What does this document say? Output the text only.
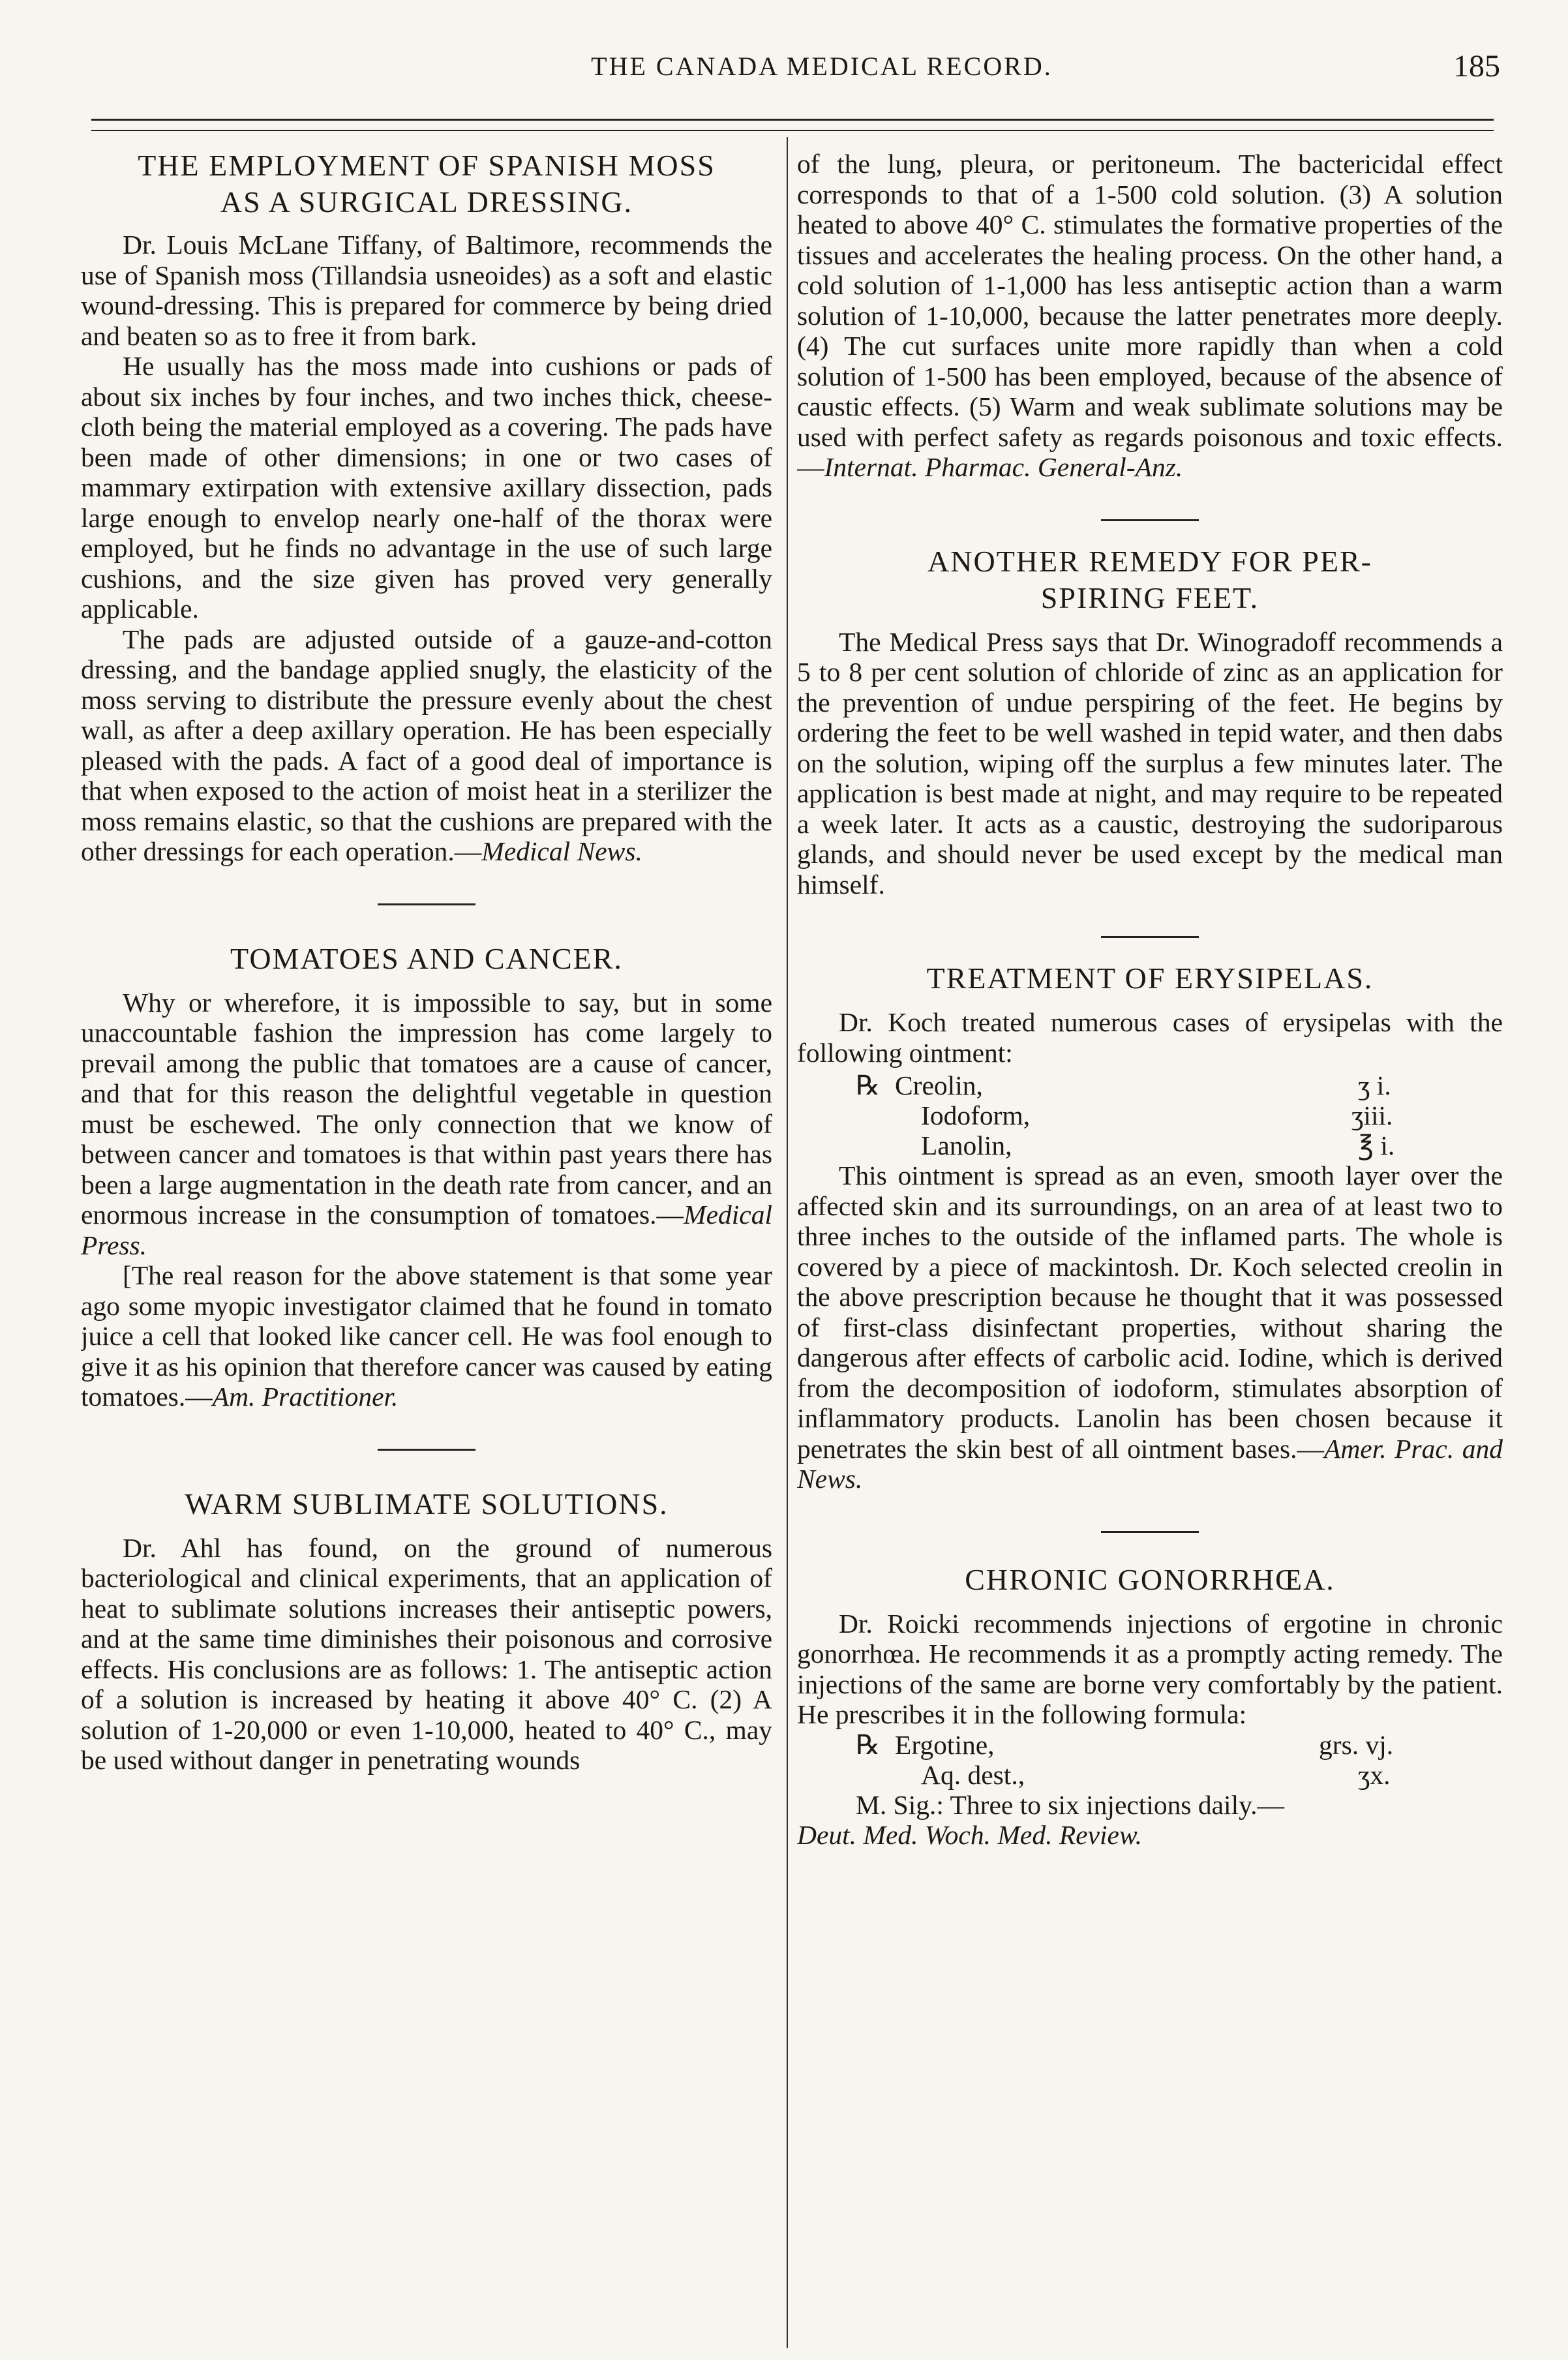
THE CANADA MEDICAL RECORD.	185
THE EMPLOYMENT OF SPANISH MOSS
AS A SURGICAL DRESSING.

Dr. Louis McLane Tiffany, of Baltimore, recommends the use of Spanish moss (Tillandsia usneoides) as a soft and elastic wound-dressing. This is prepared for commerce by being dried and beaten so as to free it from bark.

He usually has the moss made into cushions or pads of about six inches by four inches, and two inches thick, cheese-cloth being the material employed as a covering. The pads have been made of other dimensions; in one or two cases of mammary extirpation with extensive axillary dissection, pads large enough to envelop nearly one-half of the thorax were employed, but he finds no advantage in the use of such large cushions, and the size given has proved very generally applicable.

The pads are adjusted outside of a gauze-and-cotton dressing, and the bandage applied snugly, the elasticity of the moss serving to distribute the pressure evenly about the chest wall, as after a deep axillary operation. He has been especially pleased with the pads. A fact of a good deal of importance is that when exposed to the action of moist heat in a sterilizer the moss remains elastic, so that the cushions are prepared with the other dressings for each operation.—Medical News.

TOMATOES AND CANCER.

Why or wherefore, it is impossible to say, but in some unaccountable fashion the impression has come largely to prevail among the public that tomatoes are a cause of cancer, and that for this reason the delightful vegetable in question must be eschewed. The only connection that we know of between cancer and tomatoes is that within past years there has been a large augmentation in the death rate from cancer, and an enormous increase in the consumption of tomatoes.—Medical Press.

[The real reason for the above statement is that some year ago some myopic investigator claimed that he found in tomato juice a cell that looked like cancer cell. He was fool enough to give it as his opinion that therefore cancer was caused by eating tomatoes.—Am. Practitioner.

WARM SUBLIMATE SOLUTIONS.

Dr. Ahl has found, on the ground of numerous bacteriological and clinical experiments, that an application of heat to sublimate solutions increases their antiseptic powers, and at the same time diminishes their poisonous and corrosive effects. His conclusions are as follows: 1. The antiseptic action of a solution is increased by heating it above 40° C. (2) A solution of 1-20,000 or even 1-10,000, heated to 40° C., may be used without danger in penetrating wounds

of the lung, pleura, or peritoneum. The bactericidal effect corresponds to that of a 1-500 cold solution. (3) A solution heated to above 40° C. stimulates the formative properties of the tissues and accelerates the healing process. On the other hand, a cold solution of 1-1,000 has less antiseptic action than a warm solution of 1-10,000, because the latter penetrates more deeply. (4) The cut surfaces unite more rapidly than when a cold solution of 1-500 has been employed, because of the absence of caustic effects. (5) Warm and weak sublimate solutions may be used with perfect safety as regards poisonous and toxic effects.—Internat. Pharmac. General-Anz.

ANOTHER REMEDY FOR PER-
SPIRING FEET.

The Medical Press says that Dr. Winogradoff recommends a 5 to 8 per cent solution of chloride of zinc as an application for the prevention of undue perspiring of the feet. He begins by ordering the feet to be well washed in tepid water, and then dabs on the solution, wiping off the surplus a few minutes later. The application is best made at night, and may require to be repeated a week later. It acts as a caustic, destroying the sudoriparous glands, and should never be used except by the medical man himself.

TREATMENT OF ERYSIPELAS.

Dr. Koch treated numerous cases of erysipelas with the following ointment:

℞ Creolin,	ʒ i.
Iodoform,	ʒiii.
Lanolin,	℥ i.

This ointment is spread as an even, smooth layer over the affected skin and its surroundings, on an area of at least two to three inches to the outside of the inflamed parts. The whole is covered by a piece of mackintosh. Dr. Koch selected creolin in the above prescription because he thought that it was possessed of first-class disinfectant properties, without sharing the dangerous after effects of carbolic acid. Iodine, which is derived from the decomposition of iodoform, stimulates absorption of inflammatory products. Lanolin has been chosen because it penetrates the skin best of all ointment bases.—Amer. Prac. and News.

CHRONIC GONORRHŒA.

Dr. Roicki recommends injections of ergotine in chronic gonorrhœa. He recommends it as a promptly acting remedy. The injections of the same are borne very comfortably by the patient. He prescribes it in the following formula:

℞ Ergotine,	grs. vj.
Aq. dest.,	ʒx.

M. Sig.: Three to six injections daily.—

Deut. Med. Woch. Med. Review.
